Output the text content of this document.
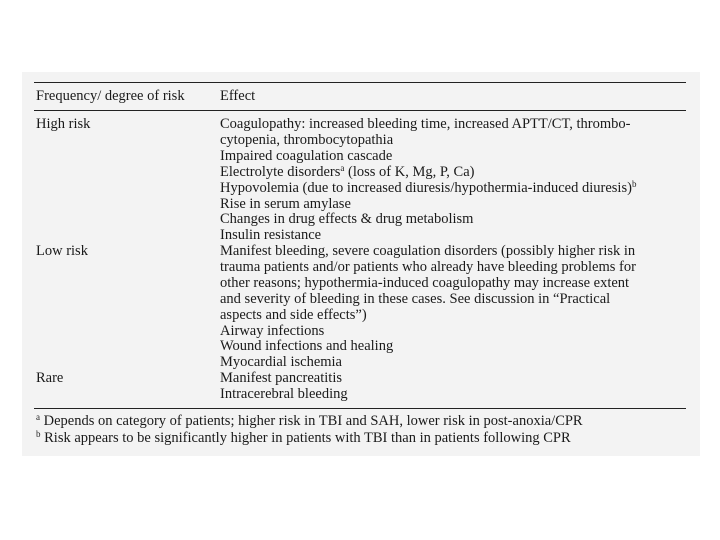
Frequency/ degree of risk Effect
High risk	Coagulopathy: increased bleeding time, increased APTT/CT, thrombo-
cytopenia, thrombocytopathia
Impaired coagulation cascade
Electrolyte disorders$^a$ (loss of K, Mg, P, Ca)
Hypovolemia (due to increased diuresis/hypothermia-induced diuresis)$^b$
Rise in serum amylase
Changes in drug effects & drug metabolism
Insulin resistance
Low risk	Manifest bleeding, severe coagulation disorders (possibly higher risk in
trauma patients and/or patients who already have bleeding problems for
other reasons; hypothermia-induced coagulopathy may increase extent
and severity of bleeding in these cases. See discussion in “Practical
aspects and side effects”)
Airway infections
Wound infections and healing
Myocardial ischemia
Rare	Manifest pancreatitis
Intracerebral bleeding
$^a$ Depends on category of patients; higher risk in TBI and SAH, lower risk in post-anoxia/CPR
$^b$ Risk appears to be significantly higher in patients with TBI than in patients following CPR
